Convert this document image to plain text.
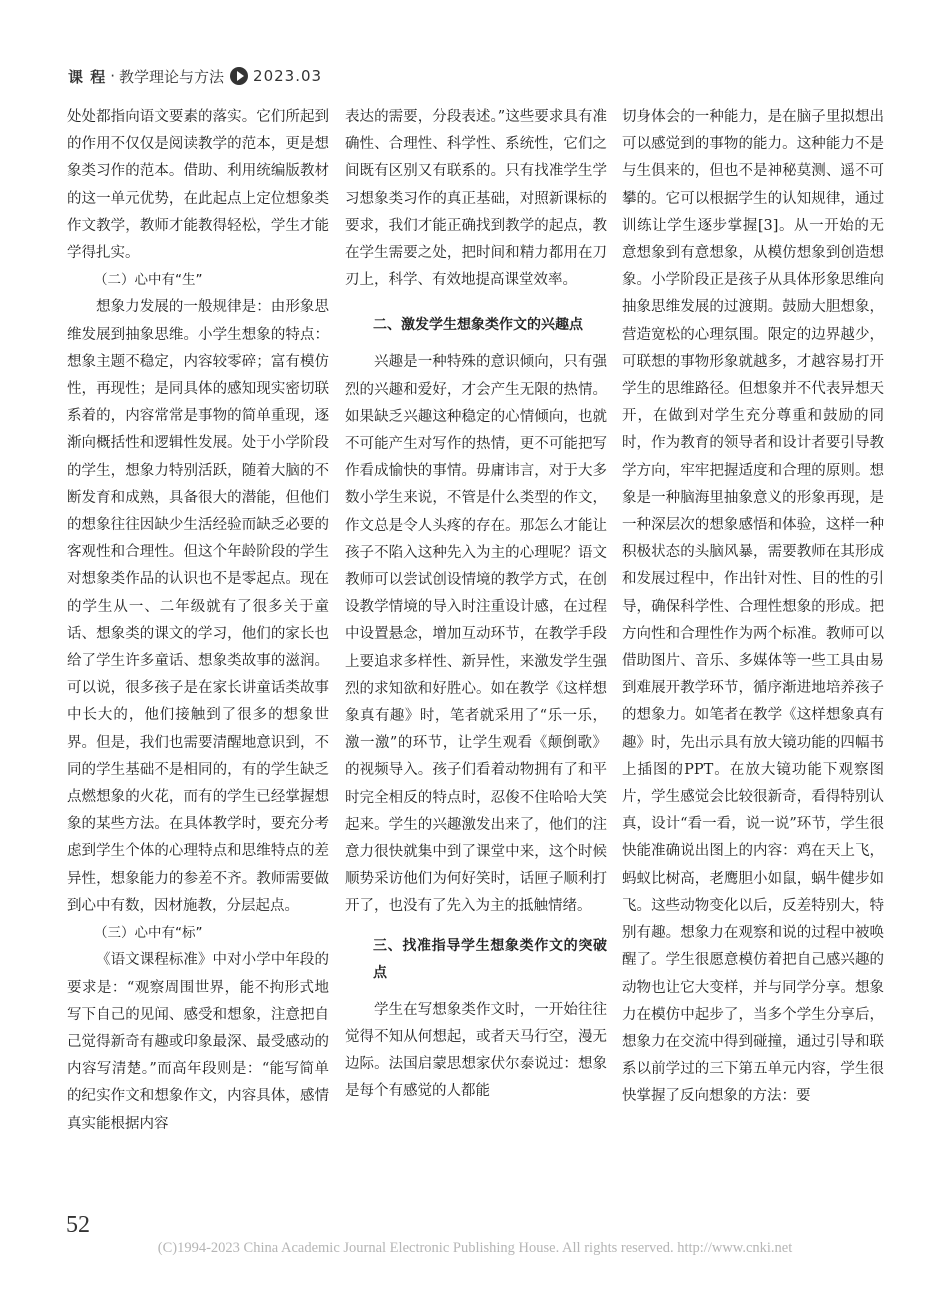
课 程 · 教学理论与方法 2023.03

处处都指向语文要素的落实。它们所起到的作用不仅仅是阅读教学的范本，更是想象类习作的范本。借助、利用统编版教材的这一单元优势，在此起点上定位想象类作文教学，教师才能教得轻松，学生才能学得扎实。

（二）心中有“生”

想象力发展的一般规律是：由形象思维发展到抽象思维。小学生想象的特点：想象主题不稳定，内容较零碎；富有模仿性，再现性；是同具体的感知现实密切联系着的，内容常常是事物的简单重现，逐渐向概括性和逻辑性发展。处于小学阶段的学生，想象力特别活跃，随着大脑的不断发育和成熟，具备很大的潜能，但他们的想象往往因缺少生活经验而缺乏必要的客观性和合理性。但这个年龄阶段的学生对想象类作品的认识也不是零起点。现在的学生从一、二年级就有了很多关于童话、想象类的课文的学习，他们的家长也给了学生许多童话、想象类故事的滋润。可以说，很多孩子是在家长讲童话类故事中长大的，他们接触到了很多的想象世界。但是，我们也需要清醒地意识到，不同的学生基础不是相同的，有的学生缺乏点燃想象的火花，而有的学生已经掌握想象的某些方法。在具体教学时，要充分考虑到学生个体的心理特点和思维特点的差异性，想象能力的参差不齐。教师需要做到心中有数，因材施教，分层起点。

（三）心中有“标”

《语文课程标准》中对小学中年段的要求是：“观察周围世界，能不拘形式地写下自己的见闻、感受和想象，注意把自己觉得新奇有趣或印象最深、最受感动的内容写清楚。”而高年段则是：“能写简单的纪实作文和想象作文，内容具体，感情真实能根据内容

表达的需要，分段表述。”这些要求具有准确性、合理性、科学性、系统性，它们之间既有区别又有联系的。只有找准学生学习想象类习作的真正基础，对照新课标的要求，我们才能正确找到教学的起点，教在学生需要之处，把时间和精力都用在刀刃上，科学、有效地提高课堂效率。

二、激发学生想象类作文的兴趣点

兴趣是一种特殊的意识倾向，只有强烈的兴趣和爱好，才会产生无限的热情。如果缺乏兴趣这种稳定的心情倾向，也就不可能产生对写作的热情，更不可能把写作看成愉快的事情。毋庸讳言，对于大多数小学生来说，不管是什么类型的作文，作文总是令人头疼的存在。那怎么才能让孩子不陷入这种先入为主的心理呢？语文教师可以尝试创设情境的教学方式，在创设教学情境的导入时注重设计感，在过程中设置悬念，增加互动环节，在教学手段上要追求多样性、新异性，来激发学生强烈的求知欲和好胜心。如在教学《这样想象真有趣》时，笔者就采用了“乐一乐，激一激”的环节，让学生观看《颠倒歌》的视频导入。孩子们看着动物拥有了和平时完全相反的特点时，忍俊不住哈哈大笑起来。学生的兴趣激发出来了，他们的注意力很快就集中到了课堂中来，这个时候顺势采访他们为何好笑时，话匣子顺利打开了，也没有了先入为主的抵触情绪。

三、找准指导学生想象类作文的突破点

学生在写想象类作文时，一开始往往觉得不知从何想起，或者天马行空，漫无边际。法国启蒙思想家伏尔泰说过：想象是每个有感觉的人都能

切身体会的一种能力，是在脑子里拟想出可以感觉到的事物的能力。这种能力不是与生俱来的，但也不是神秘莫测、遥不可攀的。它可以根据学生的认知规律，通过训练让学生逐步掌握[3]。从一开始的无意想象到有意想象，从模仿想象到创造想象。小学阶段正是孩子从具体形象思维向抽象思维发展的过渡期。鼓励大胆想象，营造宽松的心理氛围。限定的边界越少，可联想的事物形象就越多，才越容易打开学生的思维路径。但想象并不代表异想天开，在做到对学生充分尊重和鼓励的同时，作为教育的领导者和设计者要引导教学方向，牢牢把握适度和合理的原则。想象是一种脑海里抽象意义的形象再现，是一种深层次的想象感悟和体验，这样一种积极状态的头脑风暴，需要教师在其形成和发展过程中，作出针对性、目的性的引导，确保科学性、合理性想象的形成。把方向性和合理性作为两个标准。教师可以借助图片、音乐、多媒体等一些工具由易到难展开教学环节，循序渐进地培养孩子的想象力。如笔者在教学《这样想象真有趣》时，先出示具有放大镜功能的四幅书上插图的PPT。在放大镜功能下观察图片，学生感觉会比较很新奇，看得特别认真，设计“看一看，说一说”环节，学生很快能准确说出图上的内容：鸡在天上飞，蚂蚁比树高，老鹰胆小如鼠，蜗牛健步如飞。这些动物变化以后，反差特别大，特别有趣。想象力在观察和说的过程中被唤醒了。学生很愿意模仿着把自己感兴趣的动物也让它大变样，并与同学分享。想象力在模仿中起步了，当多个学生分享后，想象力在交流中得到碰撞，通过引导和联系以前学过的三下第五单元内容，学生很快掌握了反向想象的方法：要

52
(C)1994-2023 China Academic Journal Electronic Publishing House. All rights reserved. http://www.cnki.net
